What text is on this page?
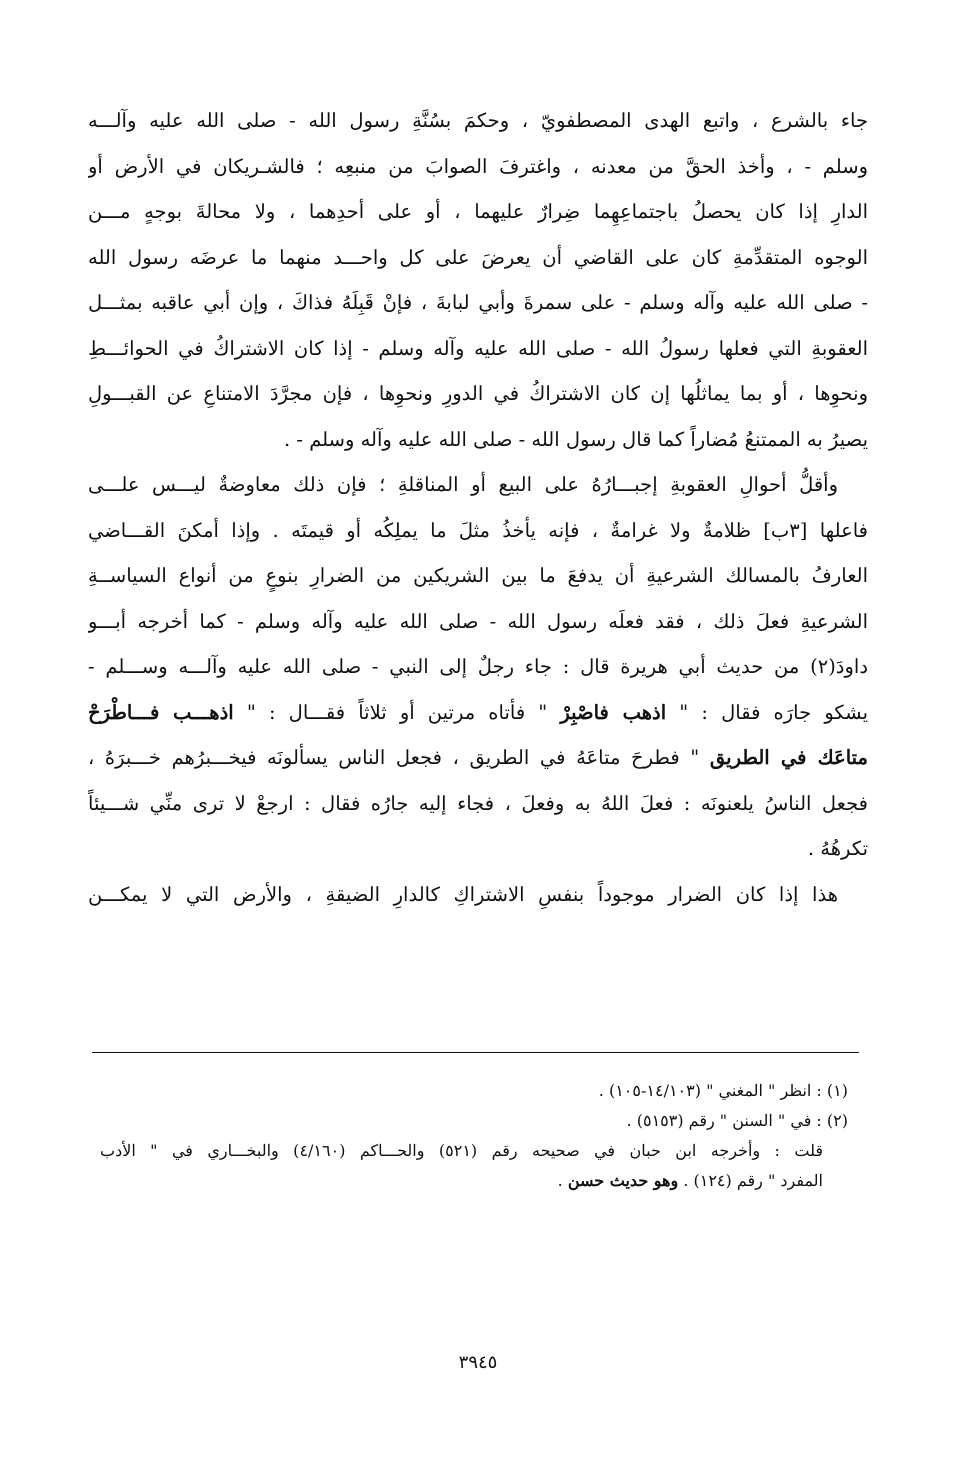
جاء بالشرع ، واتبع الهدى المصطفويّ ، وحكمَ بسُنَّةِ رسول الله - صلى الله عليه وآلـــه
وسلم - ، وأخذ الحقَّ من معدنه ، واغترفَ الصوابَ من منبعِه ؛ فالشـريكان في الأرض أو
الدارِ إذا كان يحصلُ باجتماعِهِما ضِرارٌ عليهما ، أو على أحدِهما ، ولا محالةَ بوجهٍ مـــن
الوجوه المتقدِّمةِ كان على القاضي أن يعرضَ على كل واحـــد منهما ما عرضَه رسول الله
- صلى الله عليه وآله وسلم - على سمرةَ وأبي لبابةَ ، فإنْ قَبِلَهُ فذاكَ ، وإن أبي عاقبه بمثـــل
العقوبةِ التي فعلها رسولُ الله - صلى الله عليه وآله وسلم - إذا كان الاشتراكُ في الحوائـــطِ
ونحوِها ، أو بما يماثلُها إن كان الاشتراكُ في الدورِ ونحوِها ، فإن مجرَّدَ الامتناعِ عن القبـــولِ
يصيرُ به الممتنعُ مُضاراً كما قال رسول الله - صلى الله عليه وآله وسلم - .
وأقلُّ أحوالِ العقوبةِ إجبـــارُهُ على البيع أو المناقلةِ ؛ فإن ذلك معاوضةٌ ليـــس علـــى
فاعلها [٣ب] ظلامةٌ ولا غرامةٌ ، فإنه يأخذُ مثلَ ما يملِكُه أو قيمتَه . وإذا أمكنَ القـــاضي
العارفُ بالمسالك الشرعيةِ أن يدفعَ ما بين الشريكين من الضرارِ بنوعٍ من أنواع السياســةِ
الشرعيةِ فعلَ ذلك ، فقد فعلَه رسول الله - صلى الله عليه وآله وسلم - كما أخرجه أبـــو
داودَ(٢) من حديث أبي هريرة قال : جاء رجلٌ إلى النبي - صلى الله عليه وآلـــه وســـلم -
يشكو جارَه فقال : " اذهب فاصْبِرْ " فأتاه مرتين أو ثلاثاً فقـــال : " اذهـــب فـــاطْرَحْ
متاعَك في الطريق " فطرحَ متاعَهُ في الطريق ، فجعل الناس يسألونَه فيخـــبرُهم خـــبرَهُ ،
فجعل الناسُ يلعنونَه : فعلَ اللهُ به وفعلَ ، فجاء إليه جارُه فقال : ارجعْ لا ترى منِّي شـــيئاً
تكرهُهُ .
هذا إذا كان الضرار موجوداً بنفسِ الاشتراكِ كالدارِ الضيقةِ ، والأرض التي لا يمكـــن
(١) : انظر " المغني " (١٤/١٠٣-١٠٥) .
(٢) : في " السنن " رقم (٥١٥٣) .
قلت : وأخرجه ابن حبان في صحيحه رقم (٥٢١) والحـــاكم (٤/١٦٠) والبخـــاري في " الأدب
المفرد " رقم (١٢٤) . وهو حديث حسن .
٣٩٤٥
